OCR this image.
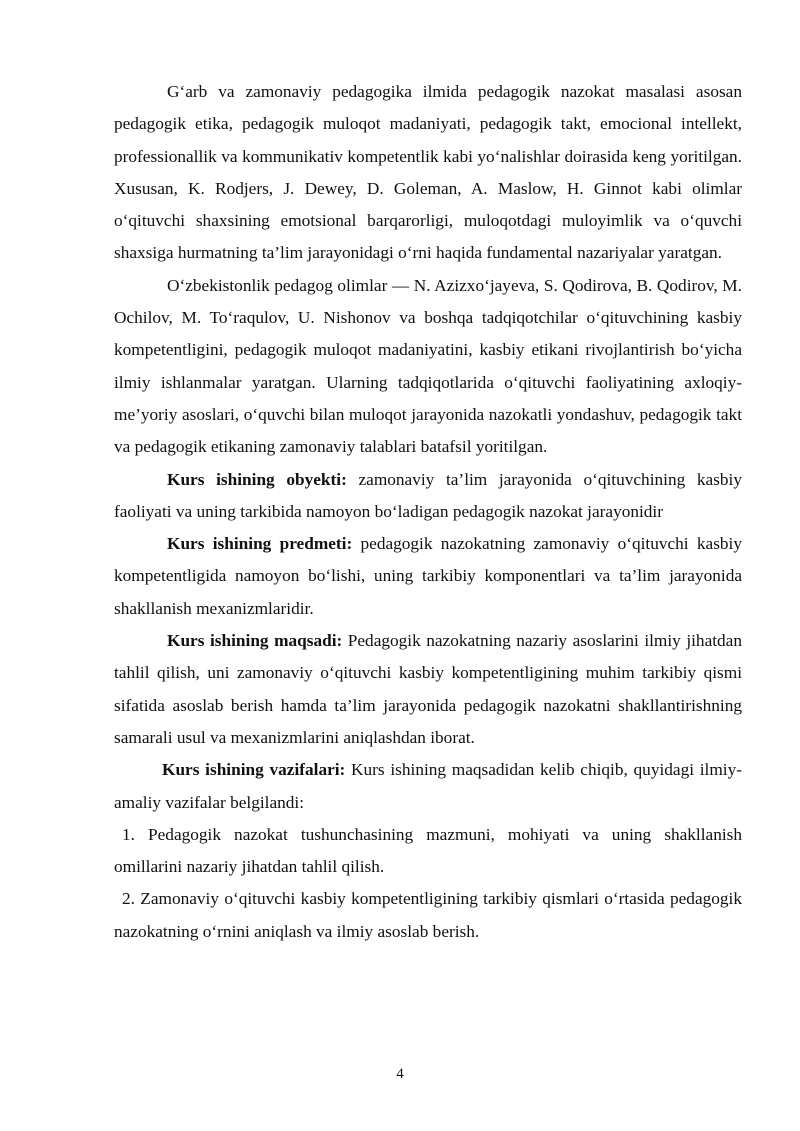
G‘arb va zamonaviy pedagogika ilmida pedagogik nazokat masalasi asosan pedagogik etika, pedagogik muloqot madaniyati, pedagogik takt, emocional intellekt, professionallik va kommunikativ kompetentlik kabi yo‘nalishlar doirasida keng yoritilgan. Xususan, K. Rodjers, J. Dewey, D. Goleman, A. Maslow, H. Ginnot kabi olimlar o‘qituvchi shaxsining emotsional barqarorligi, muloqotdagi muloyimlik va o‘quvchi shaxsiga hurmatning ta’lim jarayonidagi o‘rni haqida fundamental nazariyalar yaratgan.

O‘zbekistonlik pedagog olimlar — N. Azizxo‘jayeva, S. Qodirova, B. Qodirov, M. Ochilov, M. To‘raqulov, U. Nishonov va boshqa tadqiqotchilar o‘qituvchining kasbiy kompetentligini, pedagogik muloqot madaniyatini, kasbiy etikani rivojlantirish bo‘yicha ilmiy ishlanmalar yaratgan. Ularning tadqiqotlarida o‘qituvchi faoliyatining axloqiy-me’yoriy asoslari, o‘quvchi bilan muloqot jarayonida nazokatli yondashuv, pedagogik takt va pedagogik etikaning zamonaviy talablari batafsil yoritilgan.

Kurs ishining obyekti: zamonaviy ta’lim jarayonida o‘qituvchining kasbiy faoliyati va uning tarkibida namoyon bo‘ladigan pedagogik nazokat jarayonidir

Kurs ishining predmeti: pedagogik nazokatning zamonaviy o‘qituvchi kasbiy kompetentligida namoyon bo‘lishi, uning tarkibiy komponentlari va ta’lim jarayonida shakllanish mexanizmlaridir.

Kurs ishining maqsadi: Pedagogik nazokatning nazariy asoslarini ilmiy jihatdan tahlil qilish, uni zamonaviy o‘qituvchi kasbiy kompetentligining muhim tarkibiy qismi sifatida asoslab berish hamda ta’lim jarayonida pedagogik nazokatni shakllantirishning samarali usul va mexanizmlarini aniqlashdan iborat.

Kurs ishining vazifalari: Kurs ishining maqsadidan kelib chiqib, quyidagi ilmiy-amaliy vazifalar belgilandi:

1. Pedagogik nazokat tushunchasining mazmuni, mohiyati va uning shakllanish omillarini nazariy jihatdan tahlil qilish.

2. Zamonaviy o‘qituvchi kasbiy kompetentligining tarkibiy qismlari o‘rtasida pedagogik nazokatning o‘rnini aniqlash va ilmiy asoslab berish.

4
